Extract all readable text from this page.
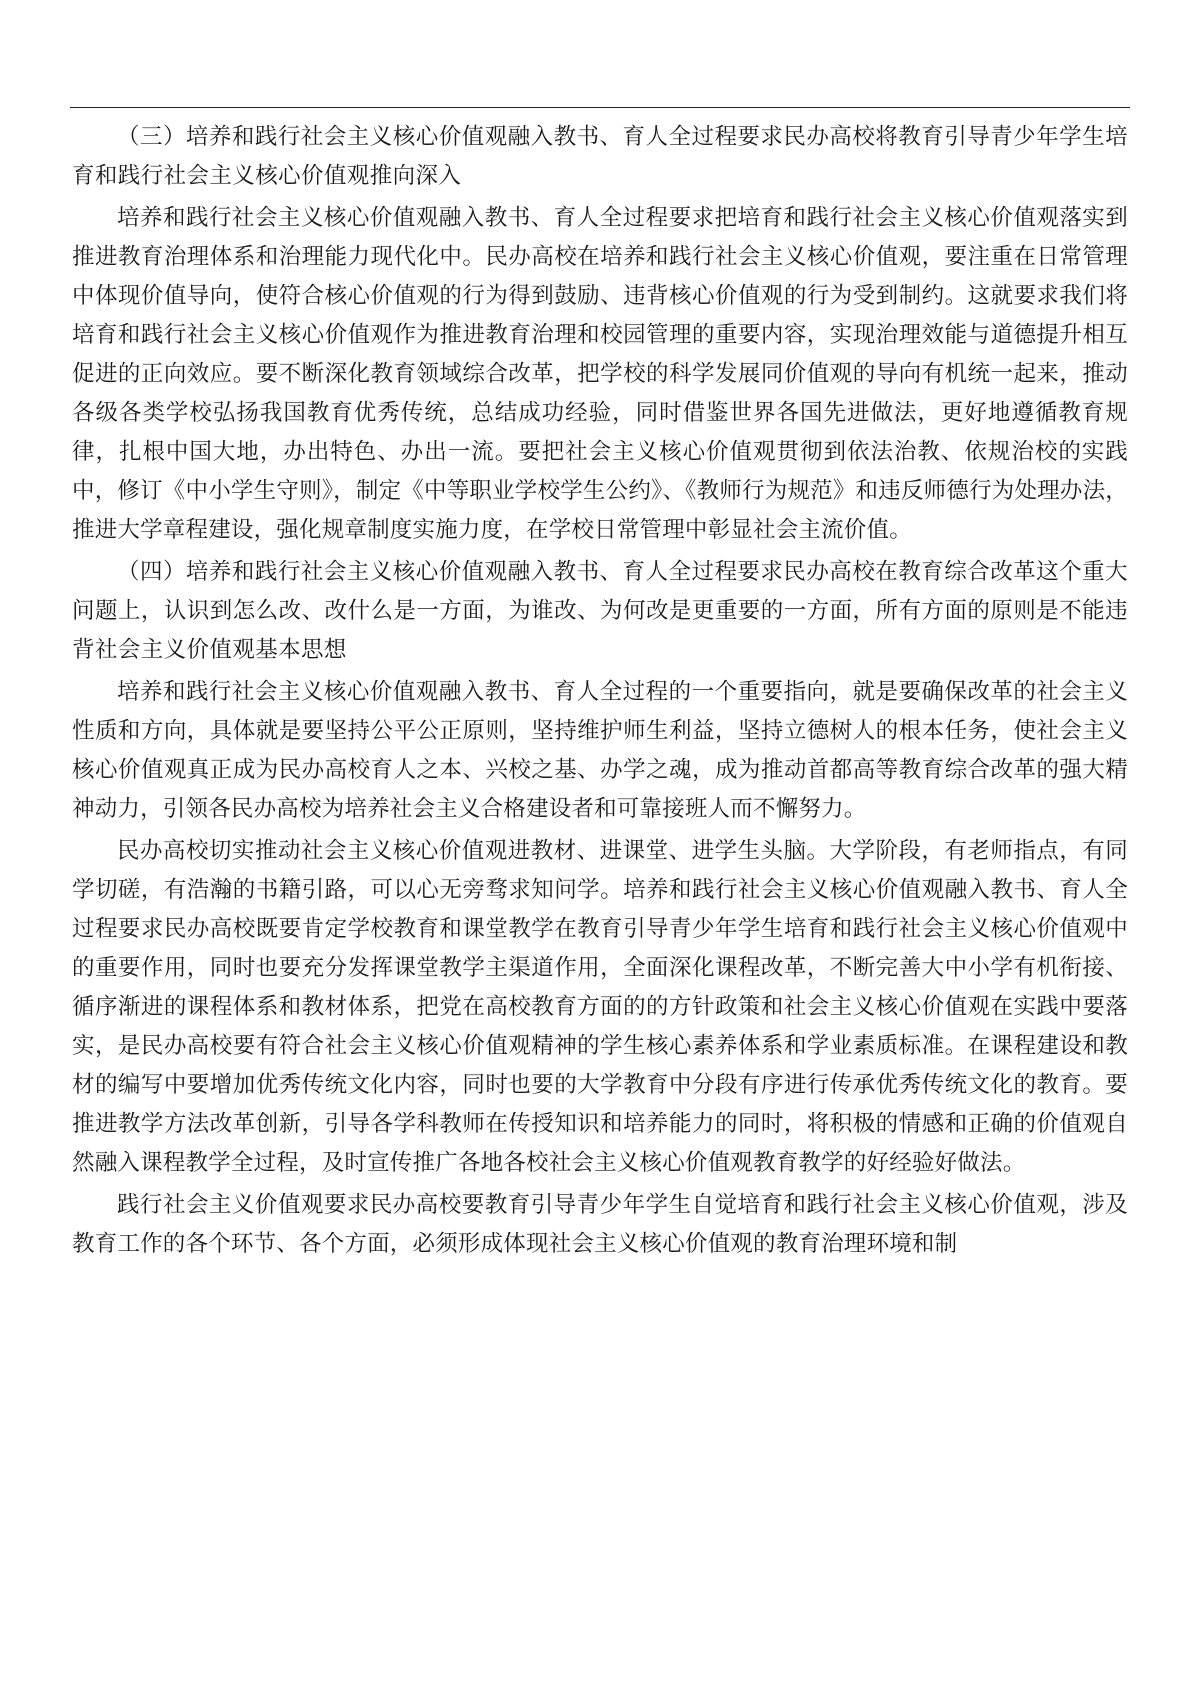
（三）培养和践行社会主义核心价值观融入教书、育人全过程要求民办高校将教育引导青少年学生培育和践行社会主义核心价值观推向深入

培养和践行社会主义核心价值观融入教书、育人全过程要求把培育和践行社会主义核心价值观落实到推进教育治理体系和治理能力现代化中。民办高校在培养和践行社会主义核心价值观，要注重在日常管理中体现价值导向，使符合核心价值观的行为得到鼓励、违背核心价值观的行为受到制约。这就要求我们将培育和践行社会主义核心价值观作为推进教育治理和校园管理的重要内容，实现治理效能与道德提升相互促进的正向效应。要不断深化教育领域综合改革，把学校的科学发展同价值观的导向有机统一起来，推动各级各类学校弘扬我国教育优秀传统，总结成功经验，同时借鉴世界各国先进做法，更好地遵循教育规律，扎根中国大地，办出特色、办出一流。要把社会主义核心价值观贯彻到依法治教、依规治校的实践中，修订《中小学生守则》，制定《中等职业学校学生公约》、《教师行为规范》和违反师德行为处理办法，推进大学章程建设，强化规章制度实施力度，在学校日常管理中彰显社会主流价值。

（四）培养和践行社会主义核心价值观融入教书、育人全过程要求民办高校在教育综合改革这个重大问题上，认识到怎么改、改什么是一方面，为谁改、为何改是更重要的一方面，所有方面的原则是不能违背社会主义价值观基本思想

培养和践行社会主义核心价值观融入教书、育人全过程的一个重要指向，就是要确保改革的社会主义性质和方向，具体就是要坚持公平公正原则，坚持维护师生利益，坚持立德树人的根本任务，使社会主义核心价值观真正成为民办高校育人之本、兴校之基、办学之魂，成为推动首都高等教育综合改革的强大精神动力，引领各民办高校为培养社会主义合格建设者和可靠接班人而不懈努力。

民办高校切实推动社会主义核心价值观进教材、进课堂、进学生头脑。大学阶段，有老师指点，有同学切磋，有浩瀚的书籍引路，可以心无旁骛求知问学。培养和践行社会主义核心价值观融入教书、育人全过程要求民办高校既要肯定学校教育和课堂教学在教育引导青少年学生培育和践行社会主义核心价值观中的重要作用，同时也要充分发挥课堂教学主渠道作用，全面深化课程改革，不断完善大中小学有机衔接、循序渐进的课程体系和教材体系，把党在高校教育方面的的方针政策和社会主义核心价值观在实践中要落实，是民办高校要有符合社会主义核心价值观精神的学生核心素养体系和学业素质标准。在课程建设和教材的编写中要增加优秀传统文化内容，同时也要的大学教育中分段有序进行传承优秀传统文化的教育。要推进教学方法改革创新，引导各学科教师在传授知识和培养能力的同时，将积极的情感和正确的价值观自然融入课程教学全过程，及时宣传推广各地各校社会主义核心价值观教育教学的好经验好做法。

践行社会主义价值观要求民办高校要教育引导青少年学生自觉培育和践行社会主义核心价值观，涉及教育工作的各个环节、各个方面，必须形成体现社会主义核心价值观的教育治理环境和制
